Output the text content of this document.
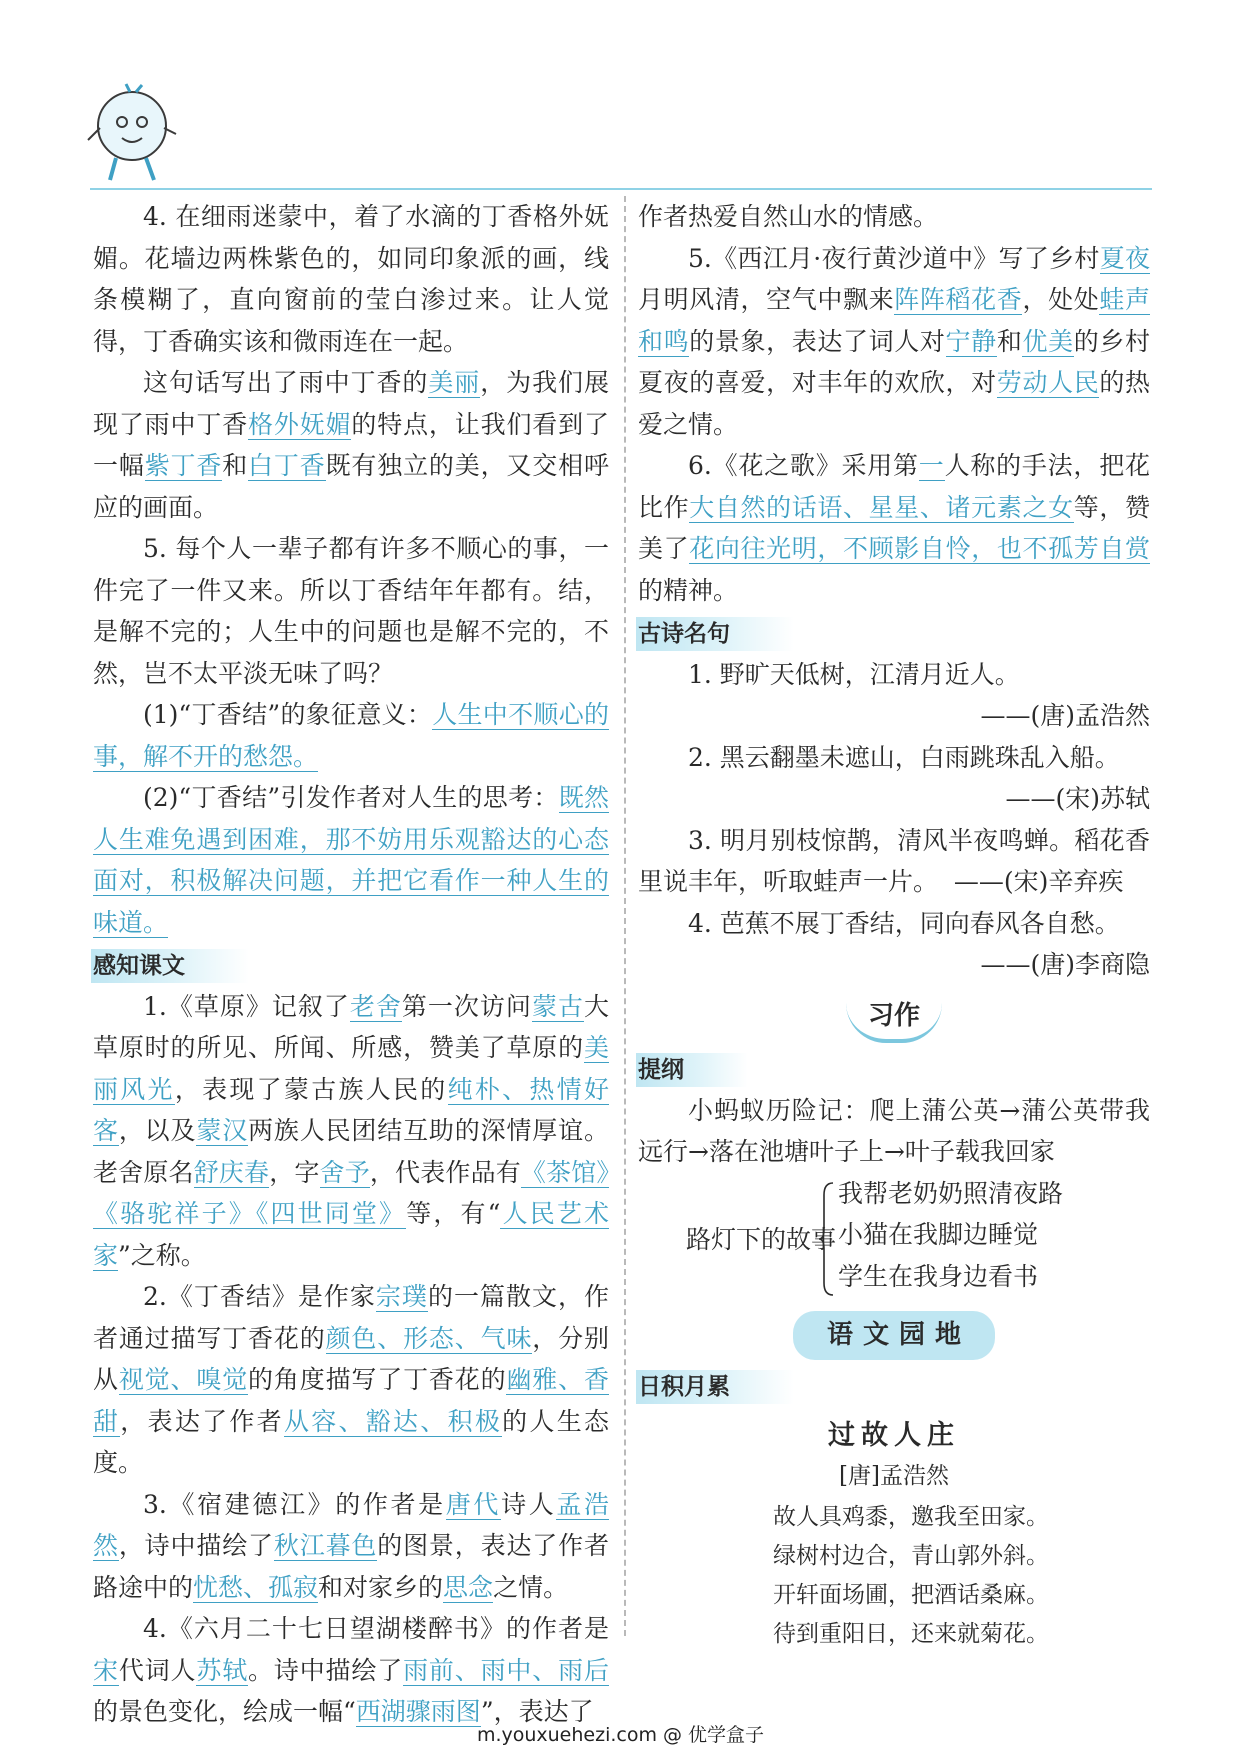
4. 在细雨迷蒙中，着了水滴的丁香格外妩媚。花墙边两株紫色的，如同印象派的画，线条模糊了，直向窗前的莹白渗过来。让人觉得，丁香确实该和微雨连在一起。

这句话写出了雨中丁香的美丽，为我们展现了雨中丁香格外妩媚的特点，让我们看到了一幅紫丁香和白丁香既有独立的美，又交相呼应的画面。

5. 每个人一辈子都有许多不顺心的事，一件完了一件又来。所以丁香结年年都有。结，是解不完的；人生中的问题也是解不完的，不然，岂不太平淡无味了吗？

(1)“丁香结”的象征意义：人生中不顺心的事，解不开的愁怨。

(2)“丁香结”引发作者对人生的思考：既然人生难免遇到困难，那不妨用乐观豁达的心态面对，积极解决问题，并把它看作一种人生的味道。

感知课文

1.《草原》记叙了老舍第一次访问蒙古大草原时的所见、所闻、所感，赞美了草原的美丽风光，表现了蒙古族人民的纯朴、热情好客，以及蒙汉两族人民团结互助的深情厚谊。老舍原名舒庆春，字舍予，代表作品有《茶馆》《骆驼祥子》《四世同堂》等，有“人民艺术家”之称。

2.《丁香结》是作家宗璞的一篇散文，作者通过描写丁香花的颜色、形态、气味，分别从视觉、嗅觉的角度描写了丁香花的幽雅、香甜，表达了作者从容、豁达、积极的人生态度。

3.《宿建德江》的作者是唐代诗人孟浩然，诗中描绘了秋江暮色的图景，表达了作者路途中的忧愁、孤寂和对家乡的思念之情。

4.《六月二十七日望湖楼醉书》的作者是宋代词人苏轼。诗中描绘了雨前、雨中、雨后的景色变化，绘成一幅“西湖骤雨图”，表达了

作者热爱自然山水的情感。

5.《西江月·夜行黄沙道中》写了乡村夏夜月明风清，空气中飘来阵阵稻花香，处处蛙声和鸣的景象，表达了词人对宁静和优美的乡村夏夜的喜爱，对丰年的欢欣，对劳动人民的热爱之情。

6.《花之歌》采用第一人称的手法，把花比作大自然的话语、星星、诸元素之女等，赞美了花向往光明，不顾影自怜，也不孤芳自赏的精神。

古诗名句

1. 野旷天低树，江清月近人。

——(唐)孟浩然

2. 黑云翻墨未遮山，白雨跳珠乱入船。

——(宋)苏轼

3. 明月别枝惊鹊，清风半夜鸣蝉。稻花香里说丰年，听取蛙声一片。 ——(宋)辛弃疾

4. 芭蕉不展丁香结，同向春风各自愁。

——(唐)李商隐

习作
提纲

小蚂蚁历险记：爬上蒲公英→蒲公英带我远行→落在池塘叶子上→叶子载我回家

路灯下的故事
我帮老奶奶照清夜路
小猫在我脚边睡觉
学生在我身边看书
语文园地
日积月累
过故人庄
[唐]孟浩然
故人具鸡黍，邀我至田家。
绿树村边合，青山郭外斜。
开轩面场圃，把酒话桑麻。
待到重阳日，还来就菊花。
m.youxuehezi.com @ 优学盒子
